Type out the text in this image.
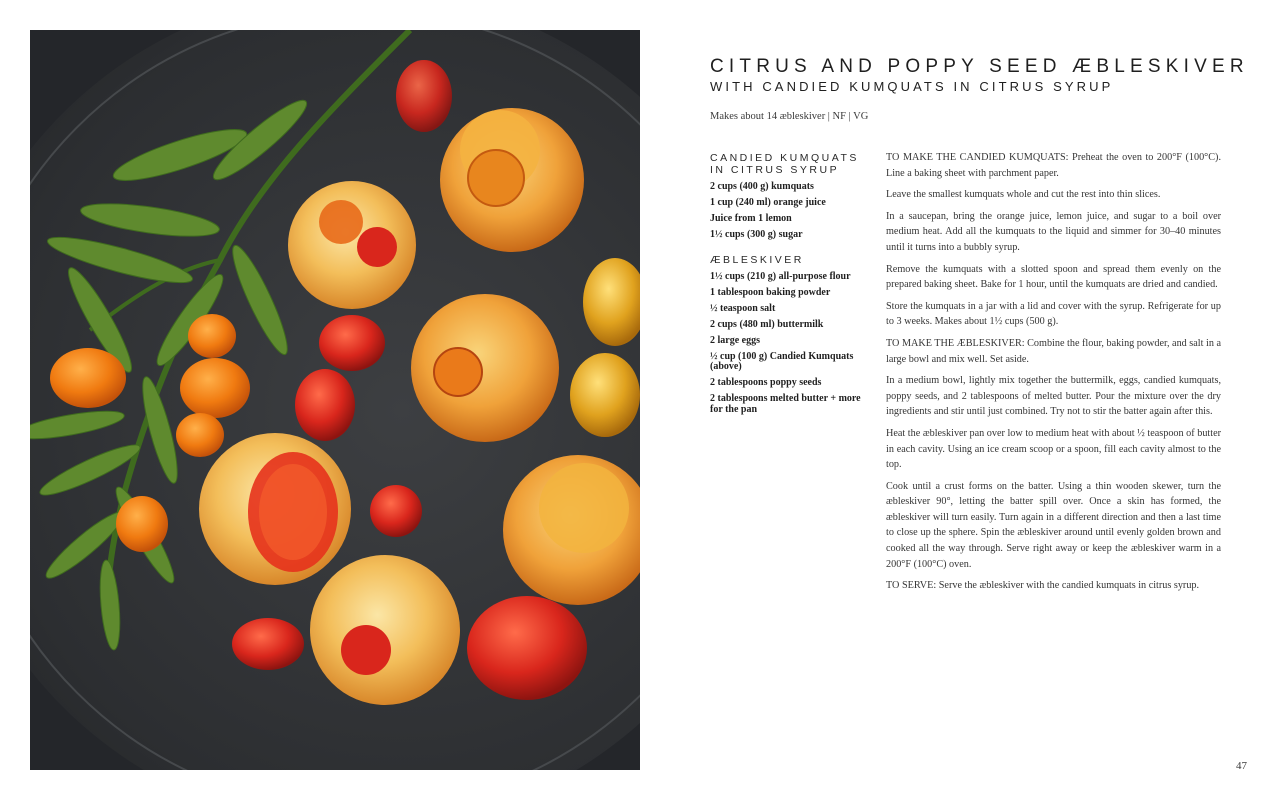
CITRUS AND POPPY SEED ÆBLESKIVER
WITH CANDIED KUMQUATS IN CITRUS SYRUP
Makes about 14 æbleskiver | NF | VG
CANDIED KUMQUATS IN CITRUS SYRUP
2 cups (400 g) kumquats
1 cup (240 ml) orange juice
Juice from 1 lemon
1½ cups (300 g) sugar
ÆBLESKIVER
1½ cups (210 g) all-purpose flour
1 tablespoon baking powder
½ teaspoon salt
2 cups (480 ml) buttermilk
2 large eggs
½ cup (100 g) Candied Kumquats (above)
2 tablespoons poppy seeds
2 tablespoons melted butter + more for the pan

TO MAKE THE CANDIED KUMQUATS: Preheat the oven to 200°F (100°C). Line a baking sheet with parchment paper.

Leave the smallest kumquats whole and cut the rest into thin slices.

In a saucepan, bring the orange juice, lemon juice, and sugar to a boil over medium heat. Add all the kumquats to the liquid and simmer for 30–40 minutes until it turns into a bubbly syrup.

Remove the kumquats with a slotted spoon and spread them evenly on the prepared baking sheet. Bake for 1 hour, until the kumquats are dried and candied.

Store the kumquats in a jar with a lid and cover with the syrup. Refrigerate for up to 3 weeks. Makes about 1½ cups (500 g).

TO MAKE THE ÆBLESKIVER: Combine the flour, baking powder, and salt in a large bowl and mix well. Set aside.

In a medium bowl, lightly mix together the buttermilk, eggs, candied kumquats, poppy seeds, and 2 tablespoons of melted butter. Pour the mixture over the dry ingredients and stir until just combined. Try not to stir the batter again after this.

Heat the æbleskiver pan over low to medium heat with about ½ teaspoon of butter in each cavity. Using an ice cream scoop or a spoon, fill each cavity almost to the top.

Cook until a crust forms on the batter. Using a thin wooden skewer, turn the æbleskiver 90°, letting the batter spill over. Once a skin has formed, the æbleskiver will turn easily. Turn again in a different direction and then a last time to close up the sphere. Spin the æbleskiver around until evenly golden brown and cooked all the way through. Serve right away or keep the æbleskiver warm in a 200°F (100°C) oven.

TO SERVE: Serve the æbleskiver with the candied kumquats in citrus syrup.

47
